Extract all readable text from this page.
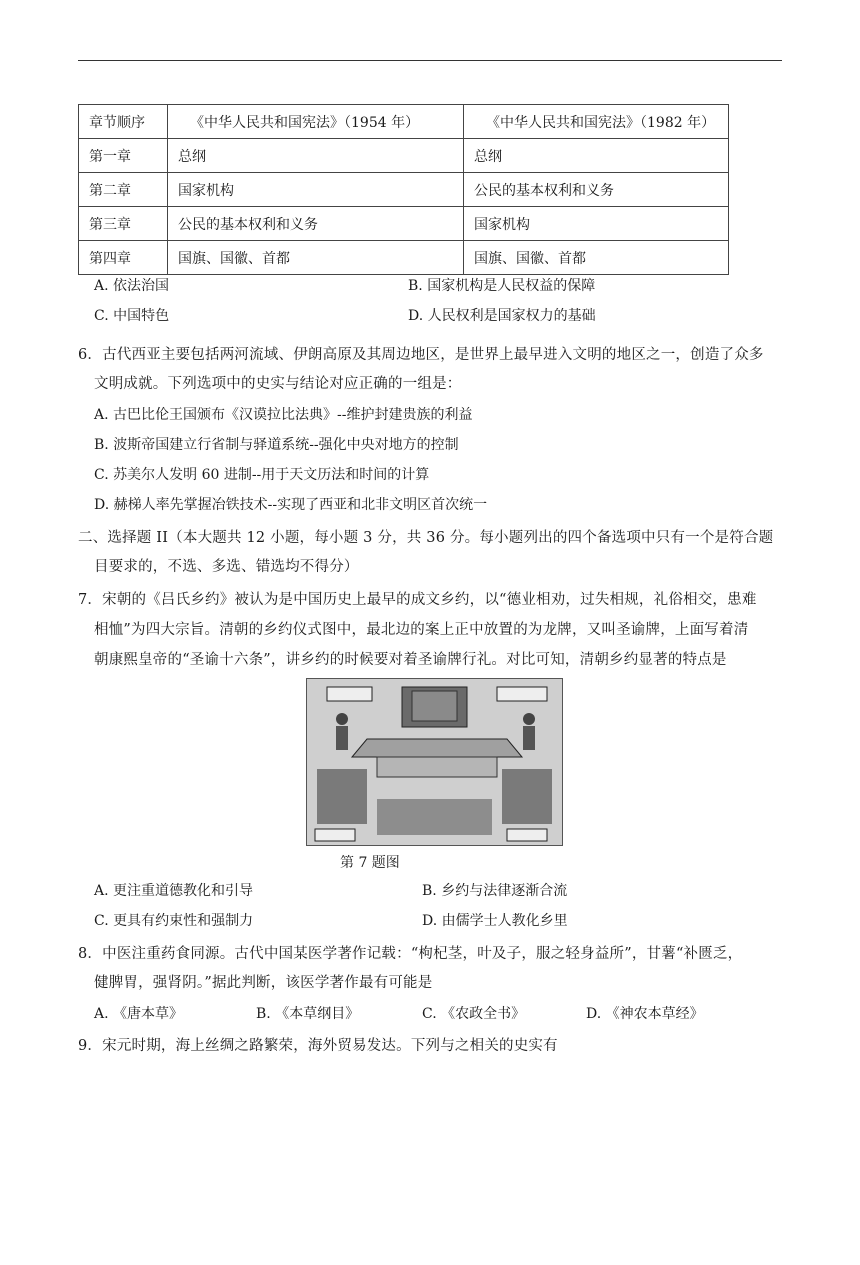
章节顺序	《中华人民共和国宪法》（1954 年）	《中华人民共和国宪法》（1982 年）
第一章	总纲	总纲
第二章	国家机构	公民的基本权利和义务
第三章	公民的基本权利和义务	国家机构
第四章	国旗、国徽、首都	国旗、国徽、首都
A. 依法治国	B. 国家机构是人民权益的保障
C. 中国特色	D. 人民权利是国家权力的基础
6．古代西亚主要包括两河流域、伊朗高原及其周边地区，是世界上最早进入文明的地区之一，创造了众多
文明成就。下列选项中的史实与结论对应正确的一组是：
A. 古巴比伦王国颁布《汉谟拉比法典》--维护封建贵族的利益
B. 波斯帝国建立行省制与驿道系统--强化中央对地方的控制
C. 苏美尔人发明 60 进制--用于天文历法和时间的计算
D. 赫梯人率先掌握冶铁技术--实现了西亚和北非文明区首次统一
二、选择题 II（本大题共 12 小题，每小题 3 分，共 36 分。每小题列出的四个备选项中只有一个是符合题
目要求的，不选、多选、错选均不得分）
7．宋朝的《吕氏乡约》被认为是中国历史上最早的成文乡约，以“德业相劝，过失相规，礼俗相交，患难
相恤”为四大宗旨。清朝的乡约仪式图中，最北边的案上正中放置的为龙牌，又叫圣谕牌，上面写着清
朝康熙皇帝的“圣谕十六条”，讲乡约的时候要对着圣谕牌行礼。对比可知，清朝乡约显著的特点是
第 7 题图
A. 更注重道德教化和引导	B. 乡约与法律逐渐合流
C. 更具有约束性和强制力	D. 由儒学士人教化乡里
8．中医注重药食同源。古代中国某医学著作记载：“枸杞茎，叶及子，服之轻身益所”，甘薯“补匮乏，
健脾胃，强肾阴。”据此判断，该医学著作最有可能是
A. 《唐本草》	B. 《本草纲目》	C. 《农政全书》	D. 《神农本草经》
9．宋元时期，海上丝绸之路繁荣，海外贸易发达。下列与之相关的史实有
